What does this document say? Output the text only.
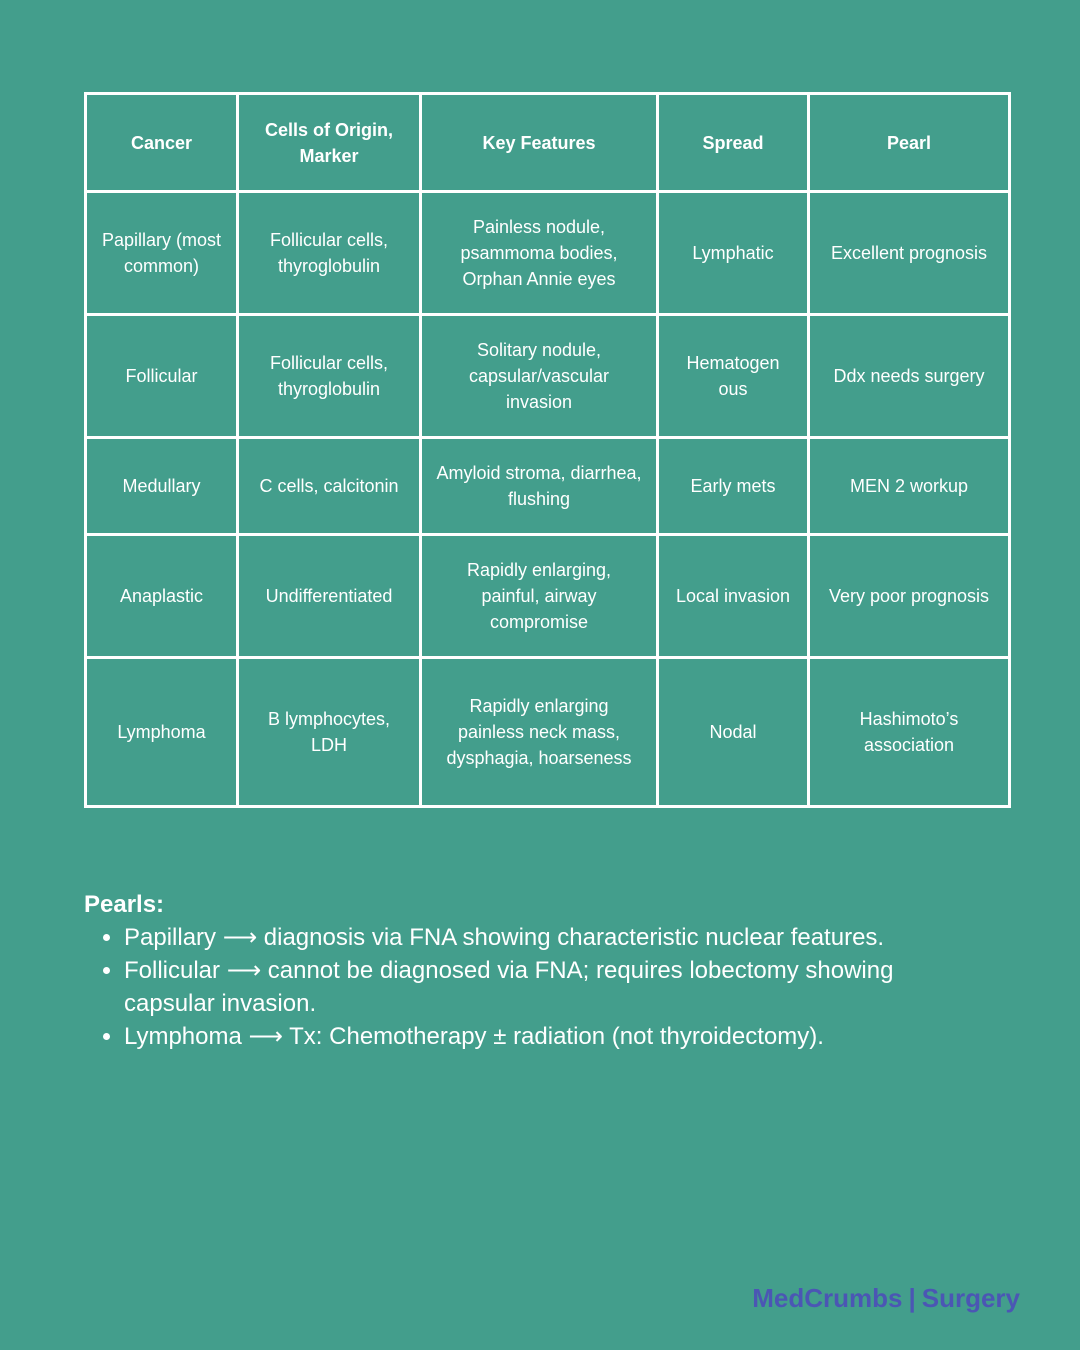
Cancer	Cells of Origin, Marker	Key Features	Spread	Pearl
Papillary (most common)	Follicular cells, thyroglobulin	Painless nodule, psammoma bodies, Orphan Annie eyes	Lymphatic	Excellent prognosis
Follicular	Follicular cells, thyroglobulin	Solitary nodule, capsular/vascular invasion	Hematogen ous	Ddx needs surgery
Medullary	C cells, calcitonin	Amyloid stroma, diarrhea, flushing	Early mets	MEN 2 workup
Anaplastic	Undifferentiated	Rapidly enlarging, painful, airway compromise	Local invasion	Very poor prognosis
Lymphoma	B lymphocytes, LDH	Rapidly enlarging painless neck mass, dysphagia, hoarseness	Nodal	Hashimoto’s association

Pearls:

• Papillary ⟶ diagnosis via FNA showing characteristic nuclear features.
• Follicular ⟶ cannot be diagnosed via FNA; requires lobectomy showing capsular invasion.
• Lymphoma ⟶ Tx: Chemotherapy ± radiation (not thyroidectomy).
MedCrumbs | Surgery
